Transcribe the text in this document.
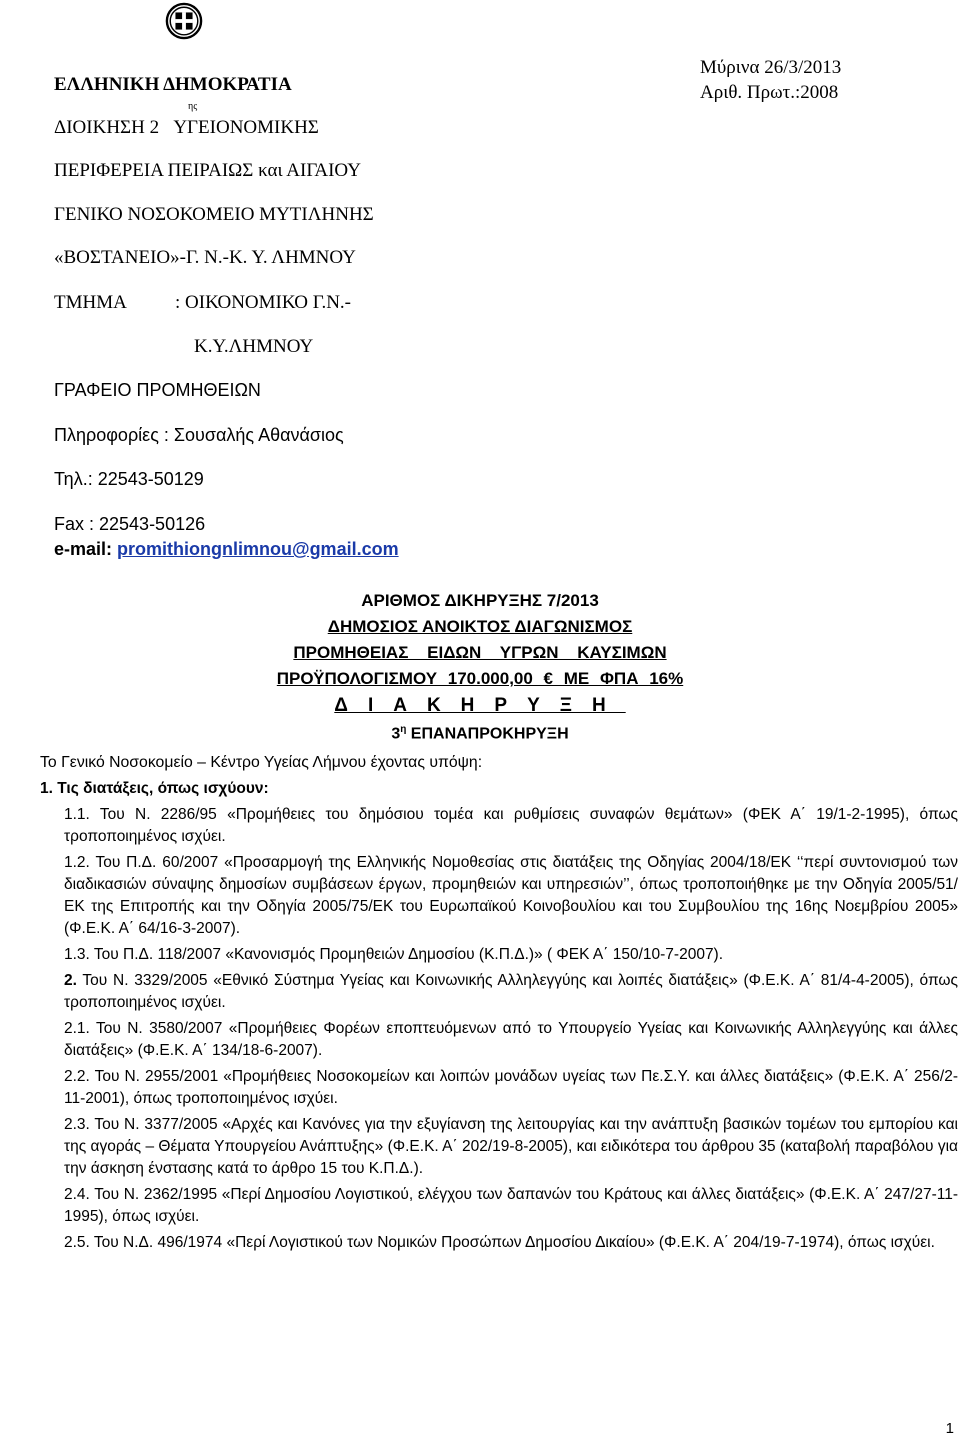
ΕΛΛΗΝΙΚΗ ΔΗΜΟΚΡΑΤΙΑ
ης
ΔΙΟΙΚΗΣΗ 2 ΥΓΕΙΟΝΟΜΙΚΗΣ
ΠΕΡΙΦΕΡΕΙΑ ΠΕΙΡΑΙΩΣ και ΑΙΓΑΙΟΥ
ΓΕΝΙΚΟ ΝΟΣΟΚΟΜΕΙΟ ΜΥΤΙΛΗΝΗΣ
«ΒΟΣΤΑΝΕΙΟ»-Γ. Ν.-Κ. Υ. ΛΗΜΝΟΥ
ΤΜΗΜΑ	: ΟΙΚΟΝΟΜΙΚΟ Γ.Ν.-
Κ.Υ.ΛΗΜΝΟΥ
ΓΡΑΦΕΙΟ ΠΡΟΜΗΘΕΙΩΝ
Πληροφορίες : Σουσαλής Αθανάσιος
Τηλ.: 22543-50129
Fax : 22543-50126
e-mail: promithiongnlimnou@gmail.com
Μύρινα 26/3/2013
Αριθ. Πρωτ.:2008
ΑΡΙΘΜΟΣ ΔΙΚΗΡΥΞΗΣ 7/2013
ΔΗΜΟΣΙΟΣ ΑΝΟΙΚΤΟΣ ΔΙΑΓΩΝΙΣΜΟΣ
ΠΡΟΜΗΘΕΙΑΣ ΕΙΔΩΝ ΥΓΡΩΝ ΚΑΥΣΙΜΩΝ
ΠΡΟΫΠΟΛΟΓΙΣΜΟΥ 170.000,00 € ΜΕ ΦΠΑ 16%
ΔΙΑΚΗΡΥΞΗ
$3^\eta$ ΕΠΑΝΑΠΡΟΚΗΡΥΞΗ
Το Γενικό Νοσοκομείο – Κέντρο Υγείας Λήμνου έχοντας υπόψη:

1. Τις διατάξεις, όπως ισχύουν:

1.1. Του Ν. 2286/95 «Προμήθειες του δημόσιου τομέα και ρυθμίσεις συναφών θεμάτων» (ΦΕΚ Α΄ 19/1-2-1995), όπως τροποποιημένος ισχύει.

1.2. Του Π.Δ. 60/2007 «Προσαρμογή της Ελληνικής Νομοθεσίας στις διατάξεις της Οδηγίας 2004/18/ΕΚ ‘‘περί συντονισμού των διαδικασιών σύναψης δημοσίων συμβάσεων έργων, προμηθειών και υπηρεσιών’’, όπως τροποποιήθηκε με την Οδηγία 2005/51/ΕΚ της Επιτροπής και την Οδηγία 2005/75/ΕΚ του Ευρωπαϊκού Κοινοβουλίου και του Συμβουλίου της 16ης Νοεμβρίου 2005» (Φ.Ε.Κ. Α΄ 64/16-3-2007).

1.3. Του Π.Δ. 118/2007 «Κανονισμός Προμηθειών Δημοσίου (Κ.Π.Δ.)» ( ΦΕΚ Α΄ 150/10-7-2007).

2. Του Ν. 3329/2005 «Εθνικό Σύστημα Υγείας και Κοινωνικής Αλληλεγγύης και λοιπές διατάξεις» (Φ.Ε.Κ. Α΄ 81/4-4-2005), όπως τροποποιημένος ισχύει.

2.1. Του Ν. 3580/2007 «Προμήθειες Φορέων εποπτευόμενων από το Υπουργείο Υγείας και Κοινωνικής Αλληλεγγύης και άλλες διατάξεις» (Φ.Ε.Κ. Α΄ 134/18-6-2007).

2.2. Του Ν. 2955/2001 «Προμήθειες Νοσοκομείων και λοιπών μονάδων υγείας των Πε.Σ.Υ. και άλλες διατάξεις» (Φ.Ε.Κ. Α΄ 256/2-11-2001), όπως τροποποιημένος ισχύει.

2.3. Του Ν. 3377/2005 «Αρχές και Κανόνες για την εξυγίανση της λειτουργίας και την ανάπτυξη βασικών τομέων του εμπορίου και της αγοράς – Θέματα Υπουργείου Ανάπτυξης» (Φ.Ε.Κ. Α΄ 202/19-8-2005), και ειδικότερα του άρθρου 35 (καταβολή παραβόλου για την άσκηση ένστασης κατά το άρθρο 15 του Κ.Π.Δ.).

2.4. Του Ν. 2362/1995 «Περί Δημοσίου Λογιστικού, ελέγχου των δαπανών του Κράτους και άλλες διατάξεις» (Φ.Ε.Κ. Α΄ 247/27-11-1995), όπως ισχύει.

2.5. Του Ν.Δ. 496/1974 «Περί Λογιστικού των Νομικών Προσώπων Δημοσίου Δικαίου» (Φ.Ε.Κ. Α΄ 204/19-7-1974), όπως ισχύει.

1
